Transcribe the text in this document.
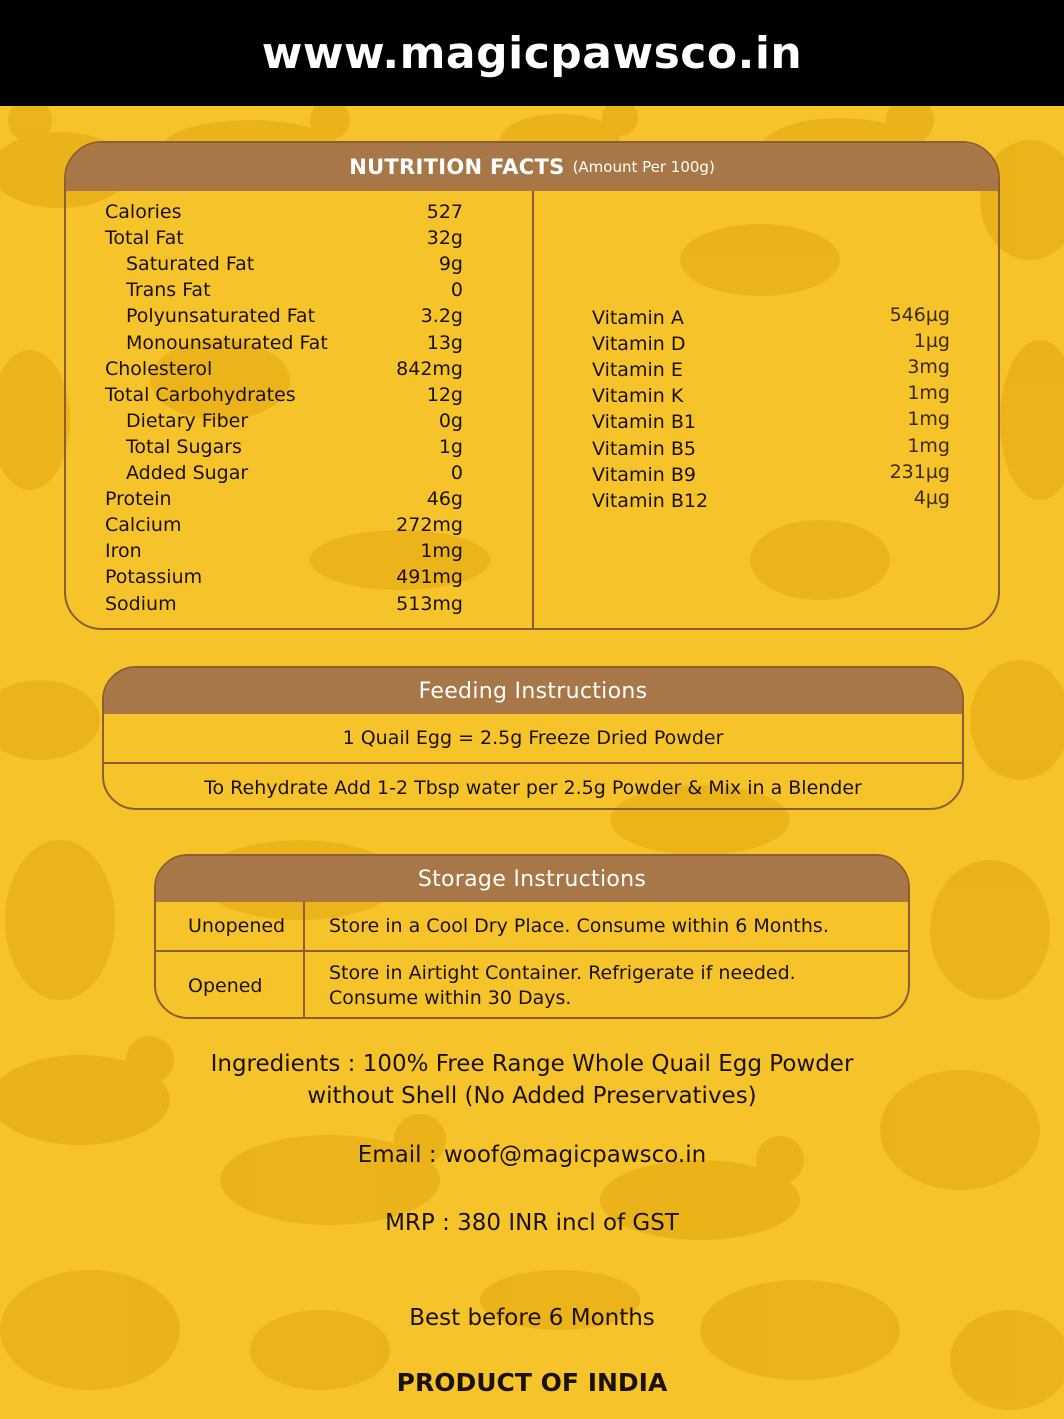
www.magicpawsco.in
NUTRITION FACTS (Amount Per 100g)
Calories	527
Total Fat	32g
Saturated Fat	9g
Trans Fat	0
Polyunsaturated Fat	3.2g
Monounsaturated Fat	13g
Cholesterol	842mg
Total Carbohydrates	12g
Dietary Fiber	0g
Total Sugars	1g
Added Sugar	0
Protein	46g
Calcium	272mg
Iron	1mg
Potassium	491mg
Sodium	513mg
Vitamin A	546µg
Vitamin D	1µg
Vitamin E	3mg
Vitamin K	1mg
Vitamin B1	1mg
Vitamin B5	1mg
Vitamin B9	231µg
Vitamin B12	4µg
Feeding Instructions
1 Quail Egg = 2.5g Freeze Dried Powder
To Rehydrate Add 1-2 Tbsp water per 2.5g Powder & Mix in a Blender
Storage Instructions
Unopened	Store in a Cool Dry Place. Consume within 6 Months.
Opened	Store in Airtight Container. Refrigerate if needed.
Consume within 30 Days.
Ingredients : 100% Free Range Whole Quail Egg Powder
without Shell (No Added Preservatives)
Email : woof@magicpawsco.in
MRP : 380 INR incl of GST
Best before 6 Months
PRODUCT OF INDIA
